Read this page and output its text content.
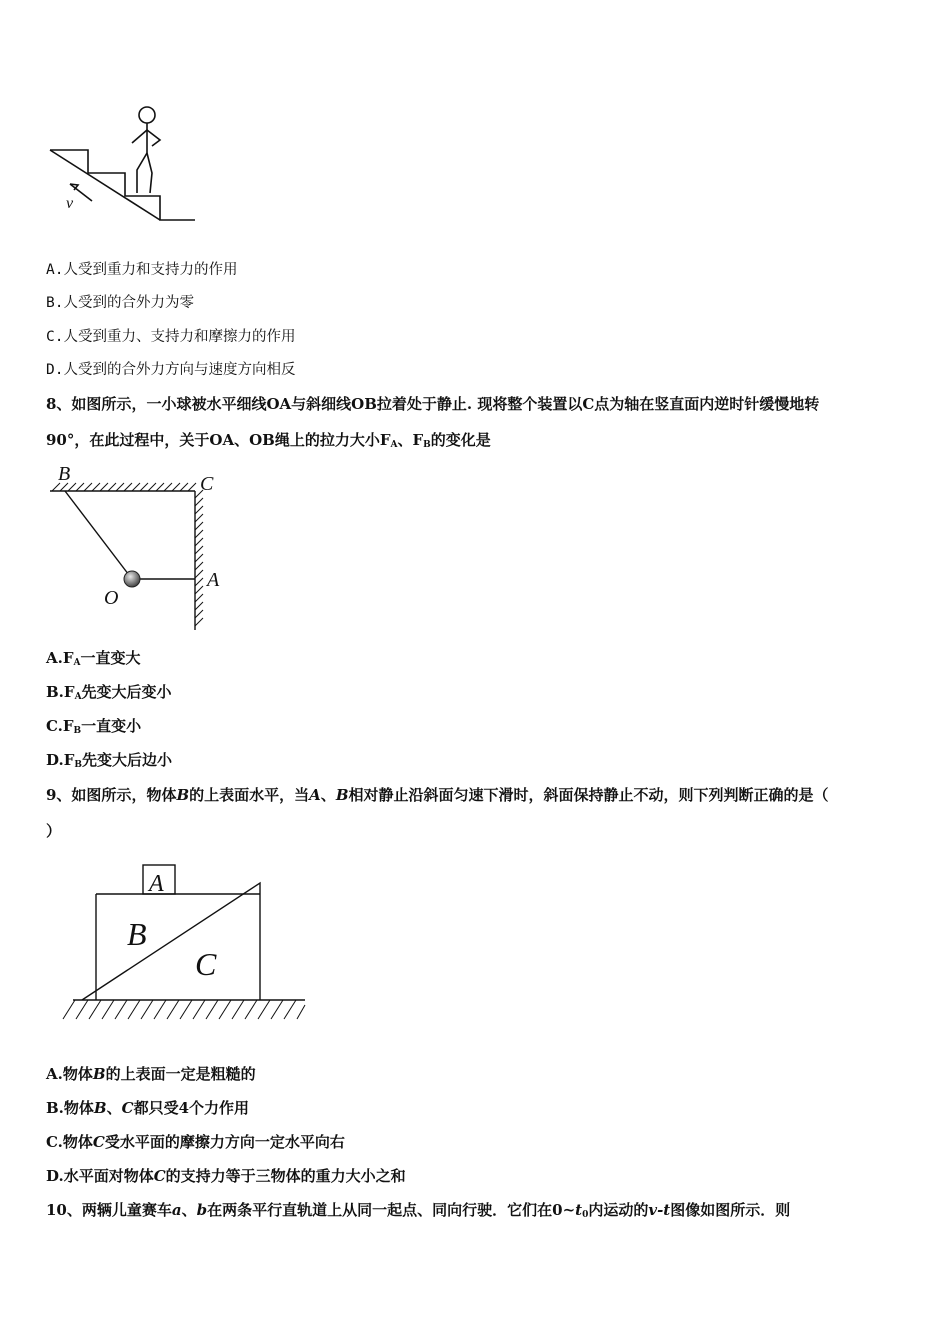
v
A.人受到重力和支持力的作用
B.人受到的合外力为零
C.人受到重力、支持力和摩擦力的作用
D.人受到的合外力方向与速度方向相反
8、如图所示，一小球被水平细线OA与斜细线OB拉着处于静止. 现将整个装置以C点为轴在竖直面内逆时针缓慢地转
90°，在此过程中，关于OA、OB绳上的拉力大小$F_A$、$F_B$的变化是
B	C
A
O
$A.F_A$一直变大
$B.F_A$先变大后变小
$C.F_B$一直变小
$D.F_B$先变大后边小
9、如图所示，物体B的上表面水平，当A、B相对静止沿斜面匀速下滑时，斜面保持静止不动，则下列判断正确的是（
）
A
B
C
A.物体B的上表面一定是粗糙的
B.物体B、C都只受4个力作用
C.物体C受水平面的摩擦力方向一定水平向右
D.水平面对物体C的支持力等于三物体的重力大小之和
10、两辆儿童赛车a、b在两条平行直轨道上从同一起点、同向行驶．它们在$0\sim t_0$内运动的v-t图像如图所示．则
